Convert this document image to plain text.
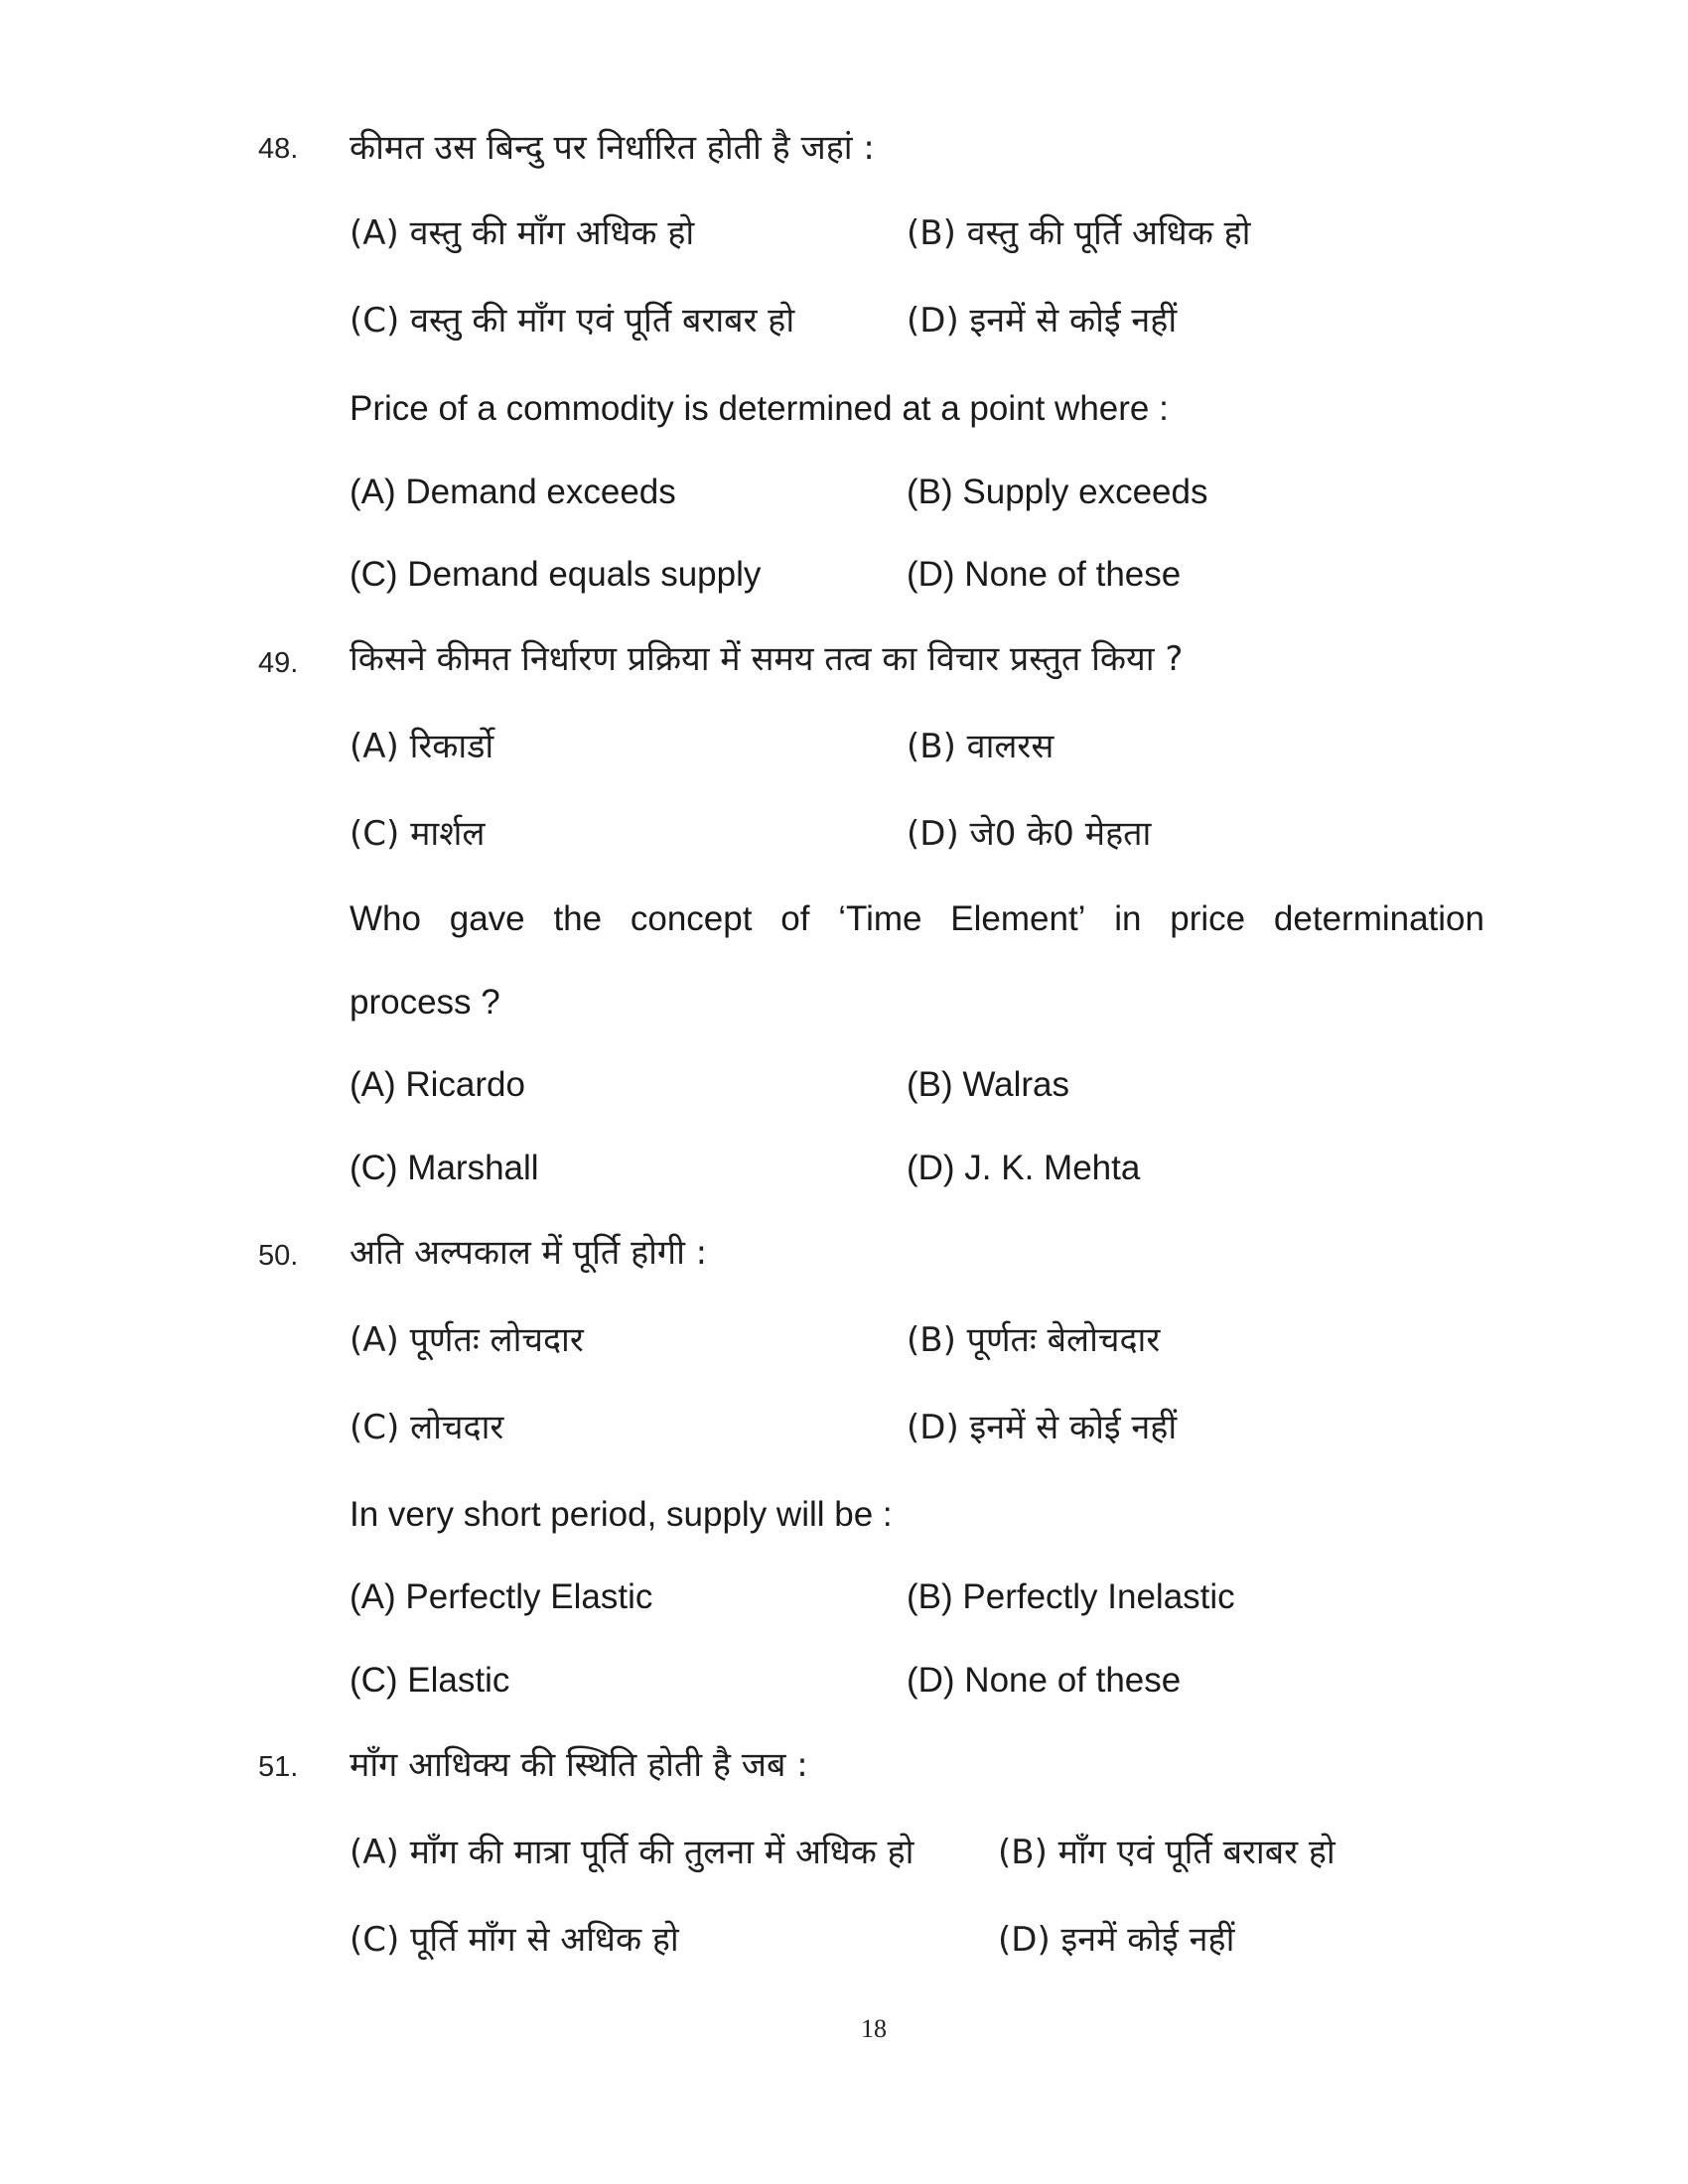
48. कीमत उस बिन्दु पर निर्धारित होती है जहां :
(A) वस्तु की माँग अधिक हो	(B) वस्तु की पूर्ति अधिक हो
(C) वस्तु की माँग एवं पूर्ति बराबर हो	(D) इनमें से कोई नहीं
Price of a commodity is determined at a point where :
(A) Demand exceeds	(B) Supply exceeds
(C) Demand equals supply	(D) None of these
49. किसने कीमत निर्धारण प्रक्रिया में समय तत्व का विचार प्रस्तुत किया ?
(A) रिकार्डो	(B) वालरस
(C) मार्शल	(D) जे0 के0 मेहता
Who gave the concept of ‘Time Element’ in price determination
process ?
(A) Ricardo	(B) Walras
(C) Marshall	(D) J. K. Mehta
50. अति अल्पकाल में पूर्ति होगी :
(A) पूर्णतः लोचदार	(B) पूर्णतः बेलोचदार
(C) लोचदार	(D) इनमें से कोई नहीं
In very short period, supply will be :
(A) Perfectly Elastic	(B) Perfectly Inelastic
(C) Elastic	(D) None of these
51. माँग आधिक्य की स्थिति होती है जब :
(A) माँग की मात्रा पूर्ति की तुलना में अधिक हो (B) माँग एवं पूर्ति बराबर हो
(C) पूर्ति माँग से अधिक हो	(D) इनमें कोई नहीं
18
